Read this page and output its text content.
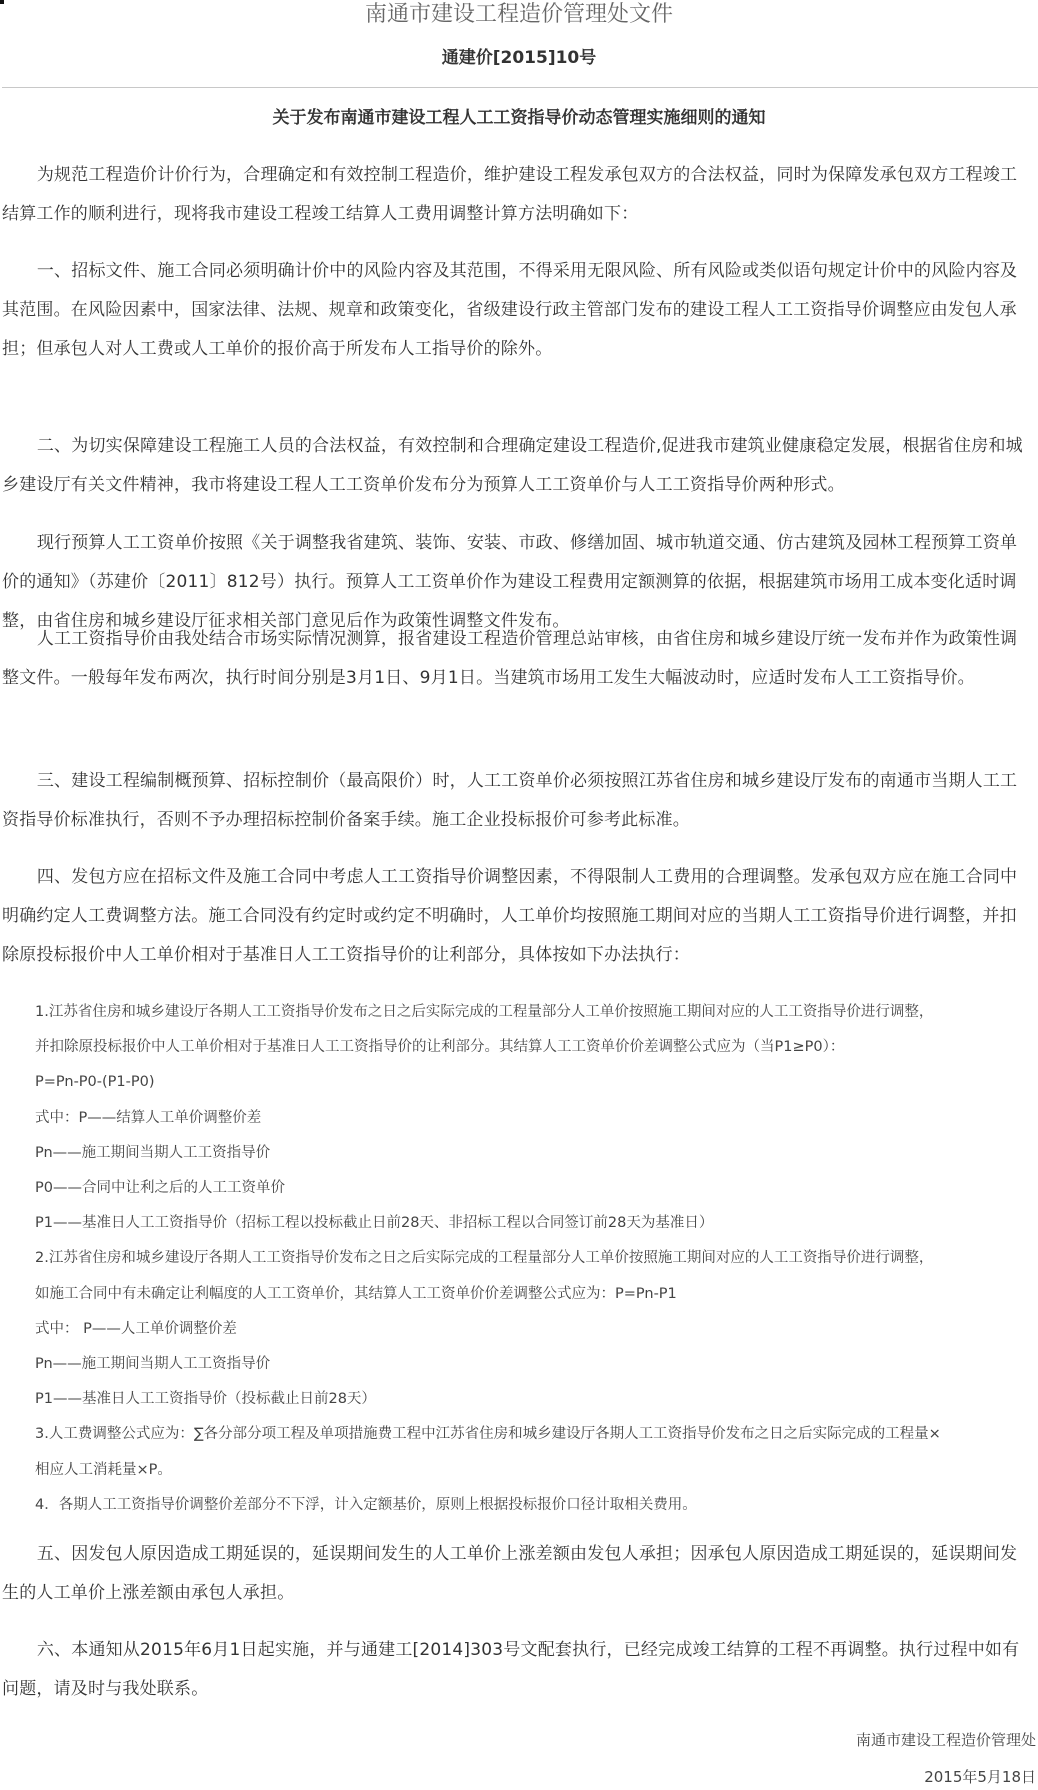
南通市建设工程造价管理处文件
通建价[2015]10号
关于发布南通市建设工程人工工资指导价动态管理实施细则的通知
为规范工程造价计价行为，合理确定和有效控制工程造价，维护建设工程发承包双方的合法权益，同时为保障发承包双方工程竣工结算工作的顺利进行，现将我市建设工程竣工结算人工费用调整计算方法明确如下：
一、招标文件、施工合同必须明确计价中的风险内容及其范围，不得采用无限风险、所有风险或类似语句规定计价中的风险内容及其范围。在风险因素中，国家法律、法规、规章和政策变化，省级建设行政主管部门发布的建设工程人工工资指导价调整应由发包人承担；但承包人对人工费或人工单价的报价高于所发布人工指导价的除外。
二、为切实保障建设工程施工人员的合法权益，有效控制和合理确定建设工程造价,促进我市建筑业健康稳定发展，根据省住房和城乡建设厅有关文件精神，我市将建设工程人工工资单价发布分为预算人工工资单价与人工工资指导价两种形式。
现行预算人工工资单价按照《关于调整我省建筑、装饰、安装、市政、修缮加固、城市轨道交通、仿古建筑及园林工程预算工资单价的通知》（苏建价〔2011〕812号）执行。预算人工工资单价作为建设工程费用定额测算的依据，根据建筑市场用工成本变化适时调整，由省住房和城乡建设厅征求相关部门意见后作为政策性调整文件发布。
人工工资指导价由我处结合市场实际情况测算，报省建设工程造价管理总站审核，由省住房和城乡建设厅统一发布并作为政策性调整文件。一般每年发布两次，执行时间分别是3月1日、9月1日。当建筑市场用工发生大幅波动时，应适时发布人工工资指导价。
三、建设工程编制概预算、招标控制价（最高限价）时，人工工资单价必须按照江苏省住房和城乡建设厅发布的南通市当期人工工资指导价标准执行，否则不予办理招标控制价备案手续。施工企业投标报价可参考此标准。
四、发包方应在招标文件及施工合同中考虑人工工资指导价调整因素，不得限制人工费用的合理调整。发承包双方应在施工合同中明确约定人工费调整方法。施工合同没有约定时或约定不明确时，人工单价均按照施工期间对应的当期人工工资指导价进行调整，并扣除原投标报价中人工单价相对于基准日人工工资指导价的让利部分，具体按如下办法执行：
1.江苏省住房和城乡建设厅各期人工工资指导价发布之日之后实际完成的工程量部分人工单价按照施工期间对应的人工工资指导价进行调整，
并扣除原投标报价中人工单价相对于基准日人工工资指导价的让利部分。其结算人工工资单价价差调整公式应为（当P1≥P0）：
P=Pn-P0-(P1-P0)
式中：P——结算人工单价调整价差
Pn——施工期间当期人工工资指导价
P0——合同中让利之后的人工工资单价
P1——基准日人工工资指导价（招标工程以投标截止日前28天、非招标工程以合同签订前28天为基准日）
2.江苏省住房和城乡建设厅各期人工工资指导价发布之日之后实际完成的工程量部分人工单价按照施工期间对应的人工工资指导价进行调整，
如施工合同中有未确定让利幅度的人工工资单价，其结算人工工资单价价差调整公式应为：P=Pn-P1
式中： P——人工单价调整价差
Pn——施工期间当期人工工资指导价
P1——基准日人工工资指导价（投标截止日前28天）
3.人工费调整公式应为：∑各分部分项工程及单项措施费工程中江苏省住房和城乡建设厅各期人工工资指导价发布之日之后实际完成的工程量×
相应人工消耗量×P。
4．各期人工工资指导价调整价差部分不下浮，计入定额基价，原则上根据投标报价口径计取相关费用。
五、因发包人原因造成工期延误的，延误期间发生的人工单价上涨差额由发包人承担；因承包人原因造成工期延误的，延误期间发生的人工单价上涨差额由承包人承担。
六、本通知从2015年6月1日起实施，并与通建工[2014]303号文配套执行，已经完成竣工结算的工程不再调整。执行过程中如有问题，请及时与我处联系。
南通市建设工程造价管理处
2015年5月18日
